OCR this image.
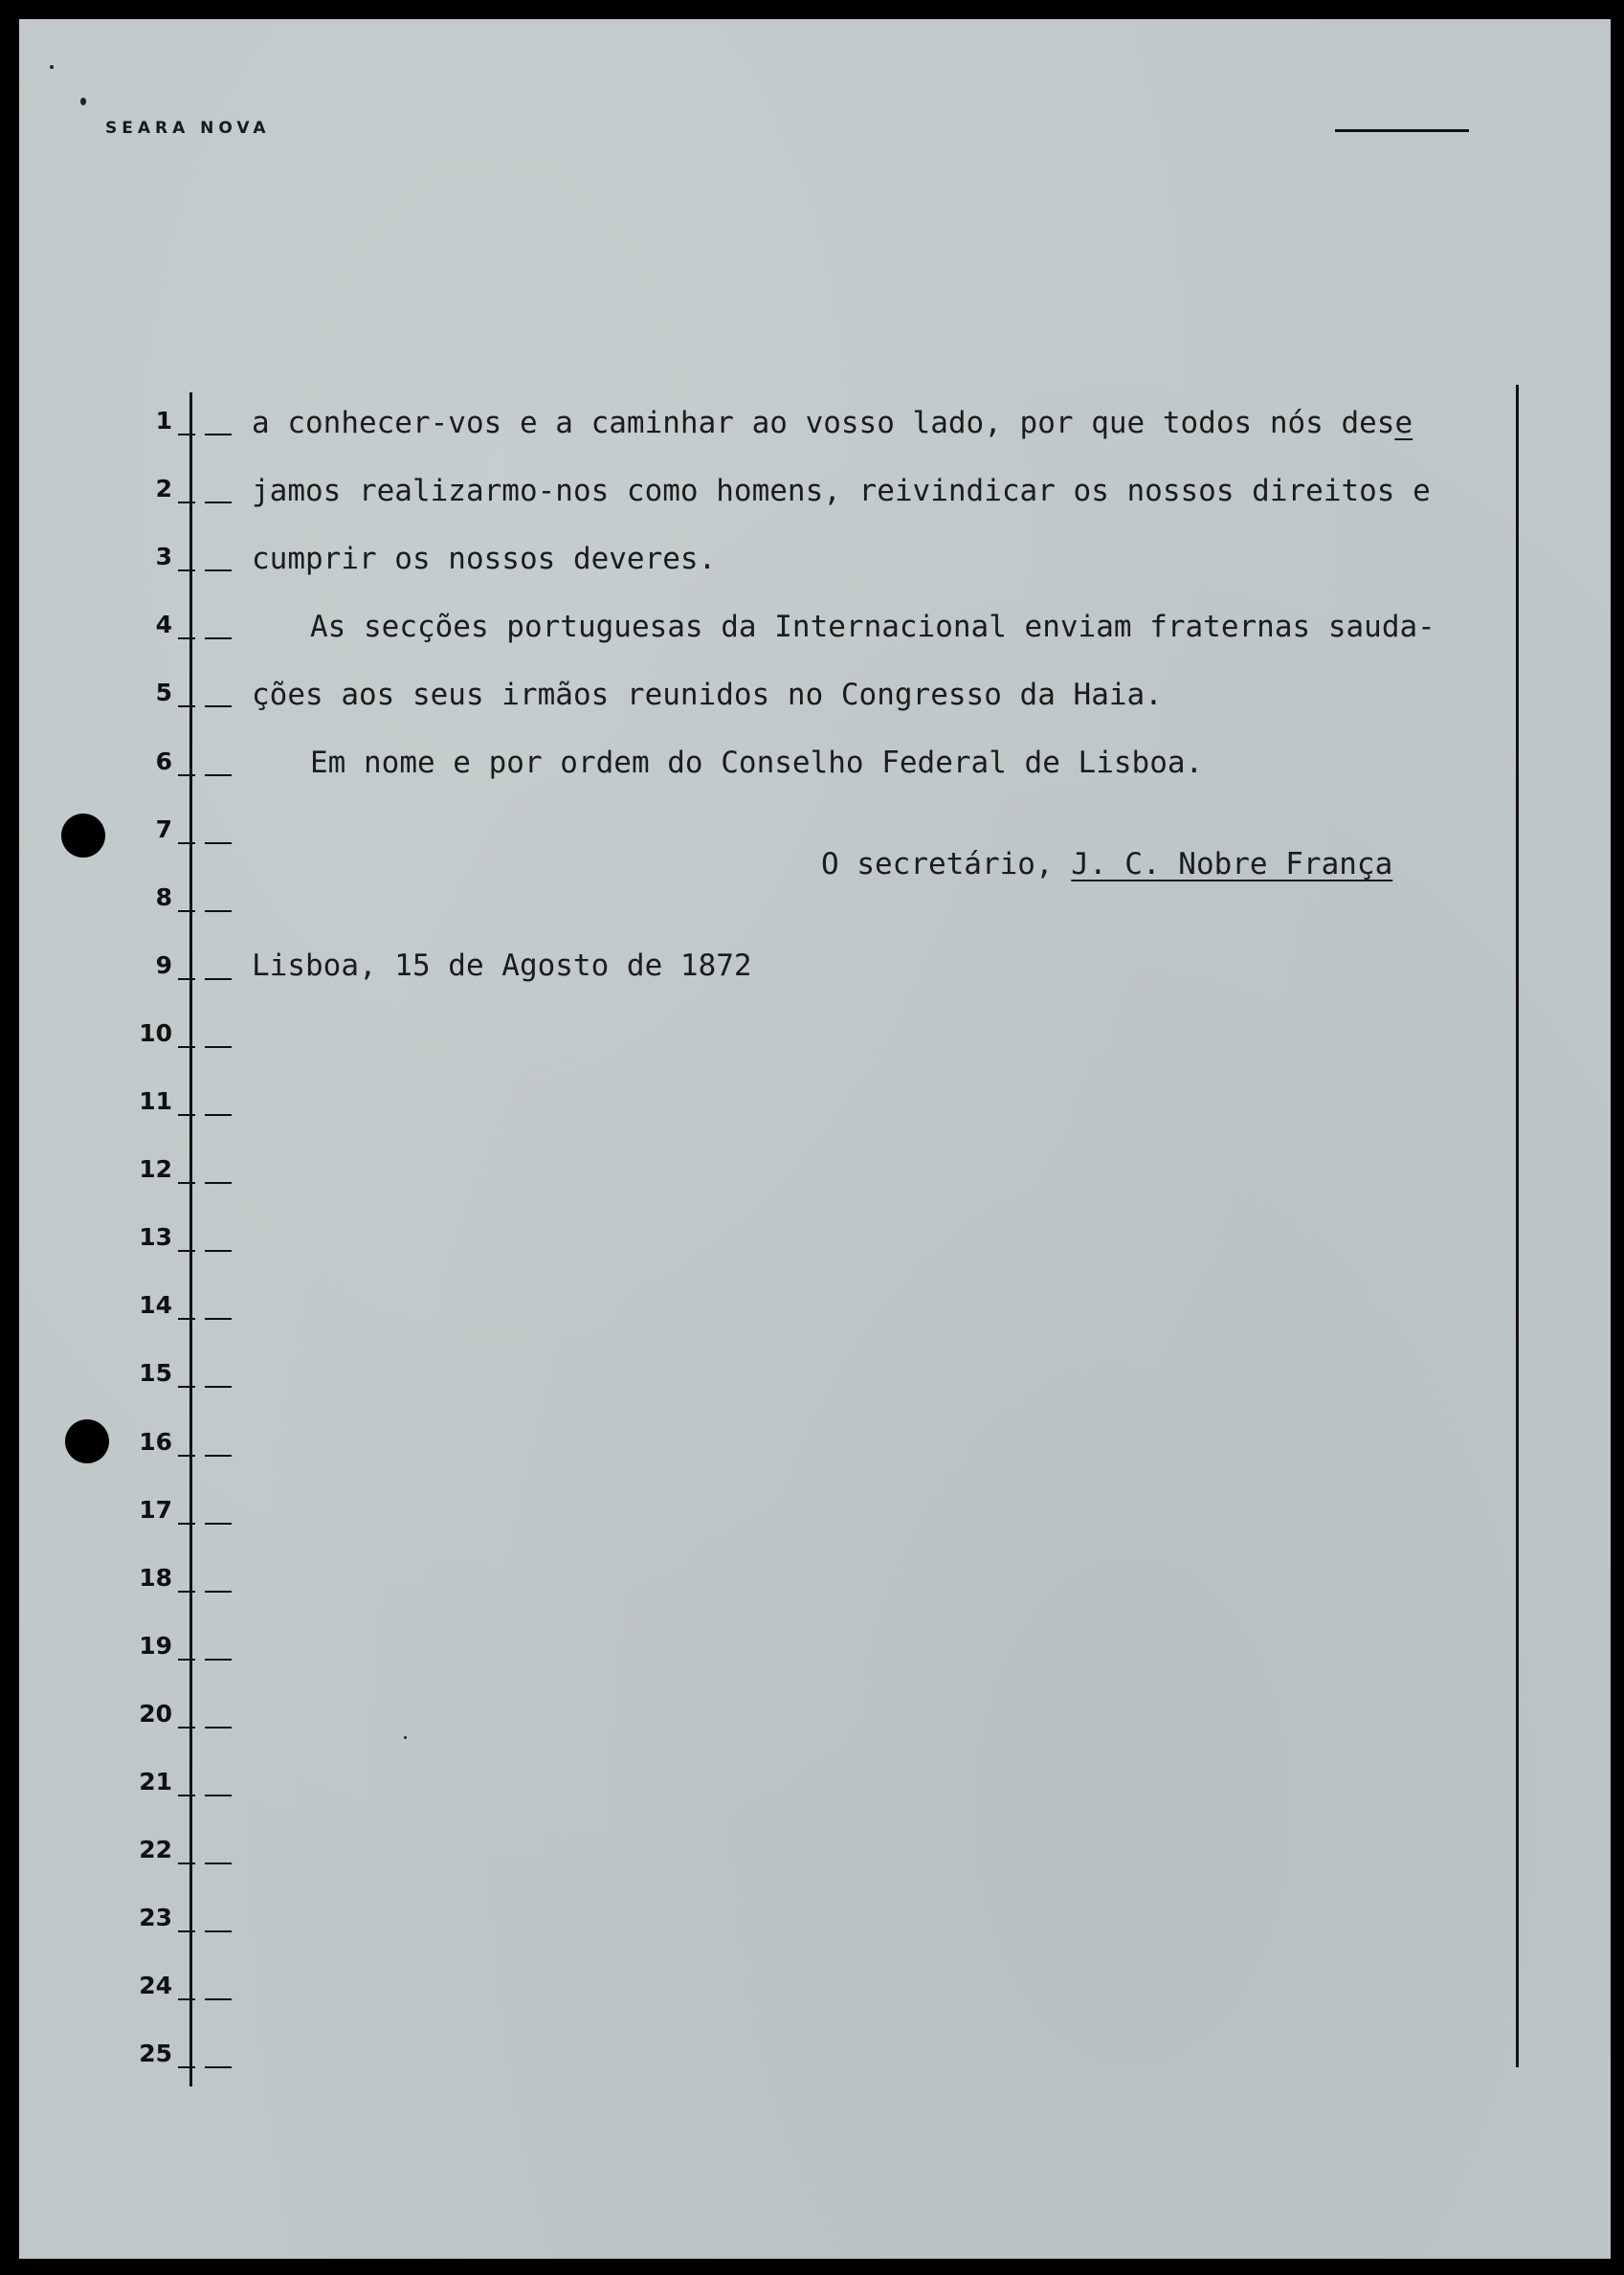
SEARA NOVA
1
2
3
4
5
6
7
8
9
10
11
12
13
14
15
16
17
18
19
20
21
22
23
24
25
a conhecer-vos e a caminhar ao vosso lado, por que todos nós dese
jamos realizarmo-nos como homens, reivindicar os nossos direitos e
cumprir os nossos deveres.
As secções portuguesas da Internacional enviam fraternas sauda-
ções aos seus irmãos reunidos no Congresso da Haia.
Em nome e por ordem do Conselho Federal de Lisboa.
O secretário, J. C. Nobre França
Lisboa, 15 de Agosto de 1872
